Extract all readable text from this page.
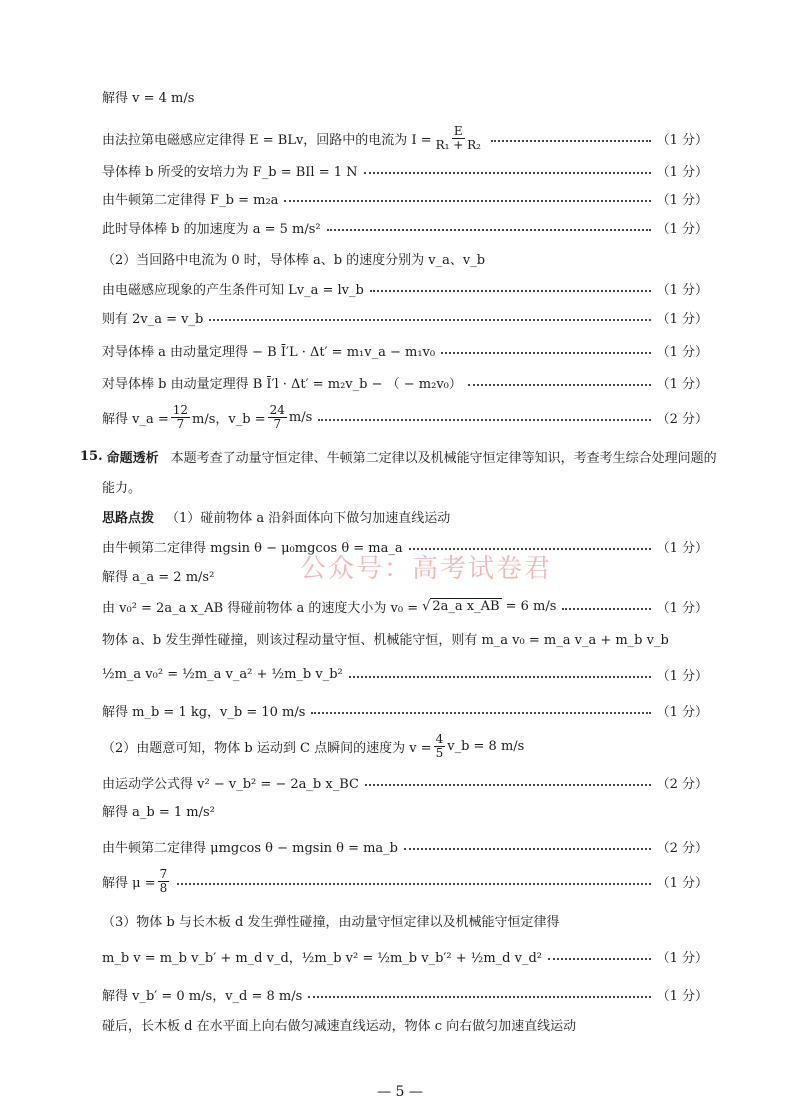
解得 v = 4 m/s
由法拉第电磁感应定律得 E = BLv，回路中的电流为 $I = \frac{E}{\text{R₁ + R₂}}$	（1 分）
导体棒 b 所受的安培力为 F_b = BIl = 1 N	（1 分）
由牛顿第二定律得 F_b = m₂a	（1 分）
此时导体棒 b 的加速度为 a = 5 m/s²	（1 分）
（2）当回路中电流为 0 时，导体棒 a、b 的速度分别为 v_a、v_b
由电磁感应现象的产生条件可知 Lv_a = lv_b	（1 分）
则有 2v_a = v_b	（1 分）
对导体棒 a 由动量定理得 − B Ī′L · Δt′ = m₁v_a − m₁v₀	（1 分）
对导体棒 b 由动量定理得 B Ī′l · Δt′ = m₂v_b − （ − m₂v₀）	（1 分）
解得 v_a = $\frac{12}{7} m/s$，v_b = $\frac{24}{7} m/s$	（2 分）
15. 命题透析 本题考查了动量守恒定律、牛顿第二定律以及机械能守恒定律等知识，考查考生综合处理问题的
能力。
思路点拨 （1）碰前物体 a 沿斜面体向下做匀加速直线运动
公众号：高考试卷君
由牛顿第二定律得 mgsin θ − μ₀mgcos θ = ma_a	（1 分）
解得 a_a = 2 m/s²
由 v₀² = 2a_a x_AB 得碰前物体 a 的速度大小为 v₀ = √ 2a_a x_AB = 6 m/s	（1 分）
物体 a、b 发生弹性碰撞，则该过程动量守恒、机械能守恒，则有 m_a v₀ = m_a v_a + m_b v_b
½m_a v₀² = ½m_a v_a² + ½m_b v_b²	（1 分）
解得 m_b = 1 kg，v_b = 10 m/s	（1 分）
（2）由题意可知，物体 b 运动到 C 点瞬间的速度为 $v = \frac{4}{5}$ v_b = 8 m/s
由运动学公式得 v² − v_b² = − 2a_b x_BC	（2 分）
解得 a_b = 1 m/s²
由牛顿第二定律得 μmgcos θ − mgsin θ = ma_b	（2 分）
解得 $\mu = \frac{7}{8}$	（1 分）
（3）物体 b 与长木板 d 发生弹性碰撞，由动量守恒定律以及机械能守恒定律得
m_b v = m_b v_b′ + m_d v_d，½m_b v² = ½m_b v_b′² + ½m_d v_d²	（1 分）
解得 v_b′ = 0 m/s，v_d = 8 m/s	（1 分）
碰后，长木板 d 在水平面上向右做匀减速直线运动，物体 c 向右做匀加速直线运动
— 5 —
